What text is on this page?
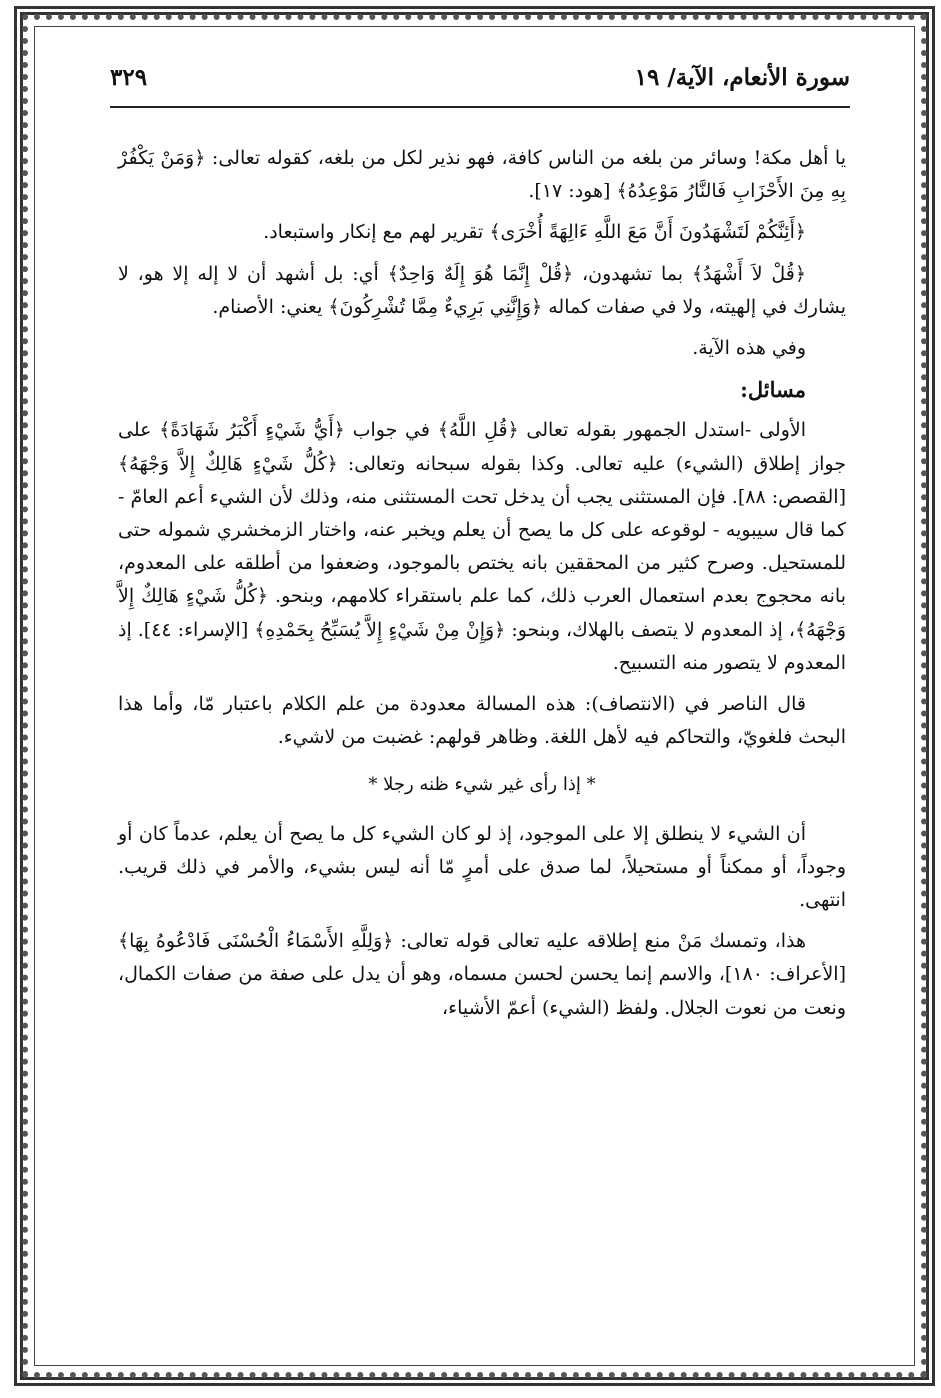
سورة الأنعام، الآية/ ١٩
٣٢٩

يا أهل مكة! وسائر من بلغه من الناس كافة، فهو نذير لكل من بلغه، كقوله تعالى: ﴿وَمَنْ يَكْفُرْ بِهِ مِنَ الأَحْزَابِ فَالنَّارُ مَوْعِدُهُ﴾ [هود: ١٧].

﴿أَئِنَّكُمْ لَتَشْهَدُونَ أَنَّ مَعَ اللَّهِ ءَالِهَةً أُخْرَى﴾ تقرير لهم مع إنكار واستبعاد.

﴿قُلْ لاَ أَشْهَدُ﴾ بما تشهدون، ﴿قُلْ إِنَّمَا هُوَ إِلَهٌ وَاحِدٌ﴾ أي: بل أشهد أن لا إله إلا هو، لا يشارك في إلهيته، ولا في صفات كماله ﴿وَإِنَّنِي بَرِيءٌ مِمَّا تُشْرِكُونَ﴾ يعني: الأصنام.

وفي هذه الآية.

مسائل:

الأولى -استدل الجمهور بقوله تعالى ﴿قُلِ اللَّهُ﴾ في جواب ﴿أَيُّ شَيْءٍ أَكْبَرُ شَهَادَةً﴾ على جواز إطلاق (الشيء) عليه تعالى. وكذا بقوله سبحانه وتعالى: ﴿كُلُّ شَيْءٍ هَالِكٌ إِلاَّ وَجْهَهُ﴾ [القصص: ٨٨]. فإن المستثنى يجب أن يدخل تحت المستثنى منه، وذلك لأن الشيء أعم العامّ - كما قال سيبويه - لوقوعه على كل ما يصح أن يعلم ويخبر عنه، واختار الزمخشري شموله حتى للمستحيل. وصرح كثير من المحققين بانه يختص بالموجود، وضعفوا من أطلقه على المعدوم، بانه محجوج بعدم استعمال العرب ذلك، كما علم باستقراء كلامهم، وبنحو. ﴿كُلُّ شَيْءٍ هَالِكٌ إِلاَّ وَجْهَهُ﴾، إذ المعدوم لا يتصف بالهلاك، وبنحو: ﴿وَإِنْ مِنْ شَيْءٍ إِلاَّ يُسَبِّحُ بِحَمْدِهِ﴾ [الإسراء: ٤٤]. إذ المعدوم لا يتصور منه التسبيح.

قال الناصر في (الانتصاف): هذه المسالة معدودة من علم الكلام باعتبار مّا، وأما هذا البحث فلغويّ، والتحاكم فيه لأهل اللغة. وظاهر قولهم: غضبت من لاشيء.

* إذا رأى غير شيء ظنه رجلا *

أن الشيء لا ينطلق إلا على الموجود، إذ لو كان الشيء كل ما يصح أن يعلم، عدماً كان أو وجوداً، أو ممكناً أو مستحيلاً، لما صدق على أمرٍ مّا أنه ليس بشيء، والأمر في ذلك قريب. انتهى.

هذا، وتمسك مَنْ منع إطلاقه عليه تعالى قوله تعالى: ﴿وَلِلَّهِ الأَسْمَاءُ الْحُسْنَى فَادْعُوهُ بِهَا﴾ [الأعراف: ١٨٠]، والاسم إنما يحسن لحسن مسماه، وهو أن يدل على صفة من صفات الكمال، ونعت من نعوت الجلال. ولفظ (الشيء) أعمّ الأشياء،
